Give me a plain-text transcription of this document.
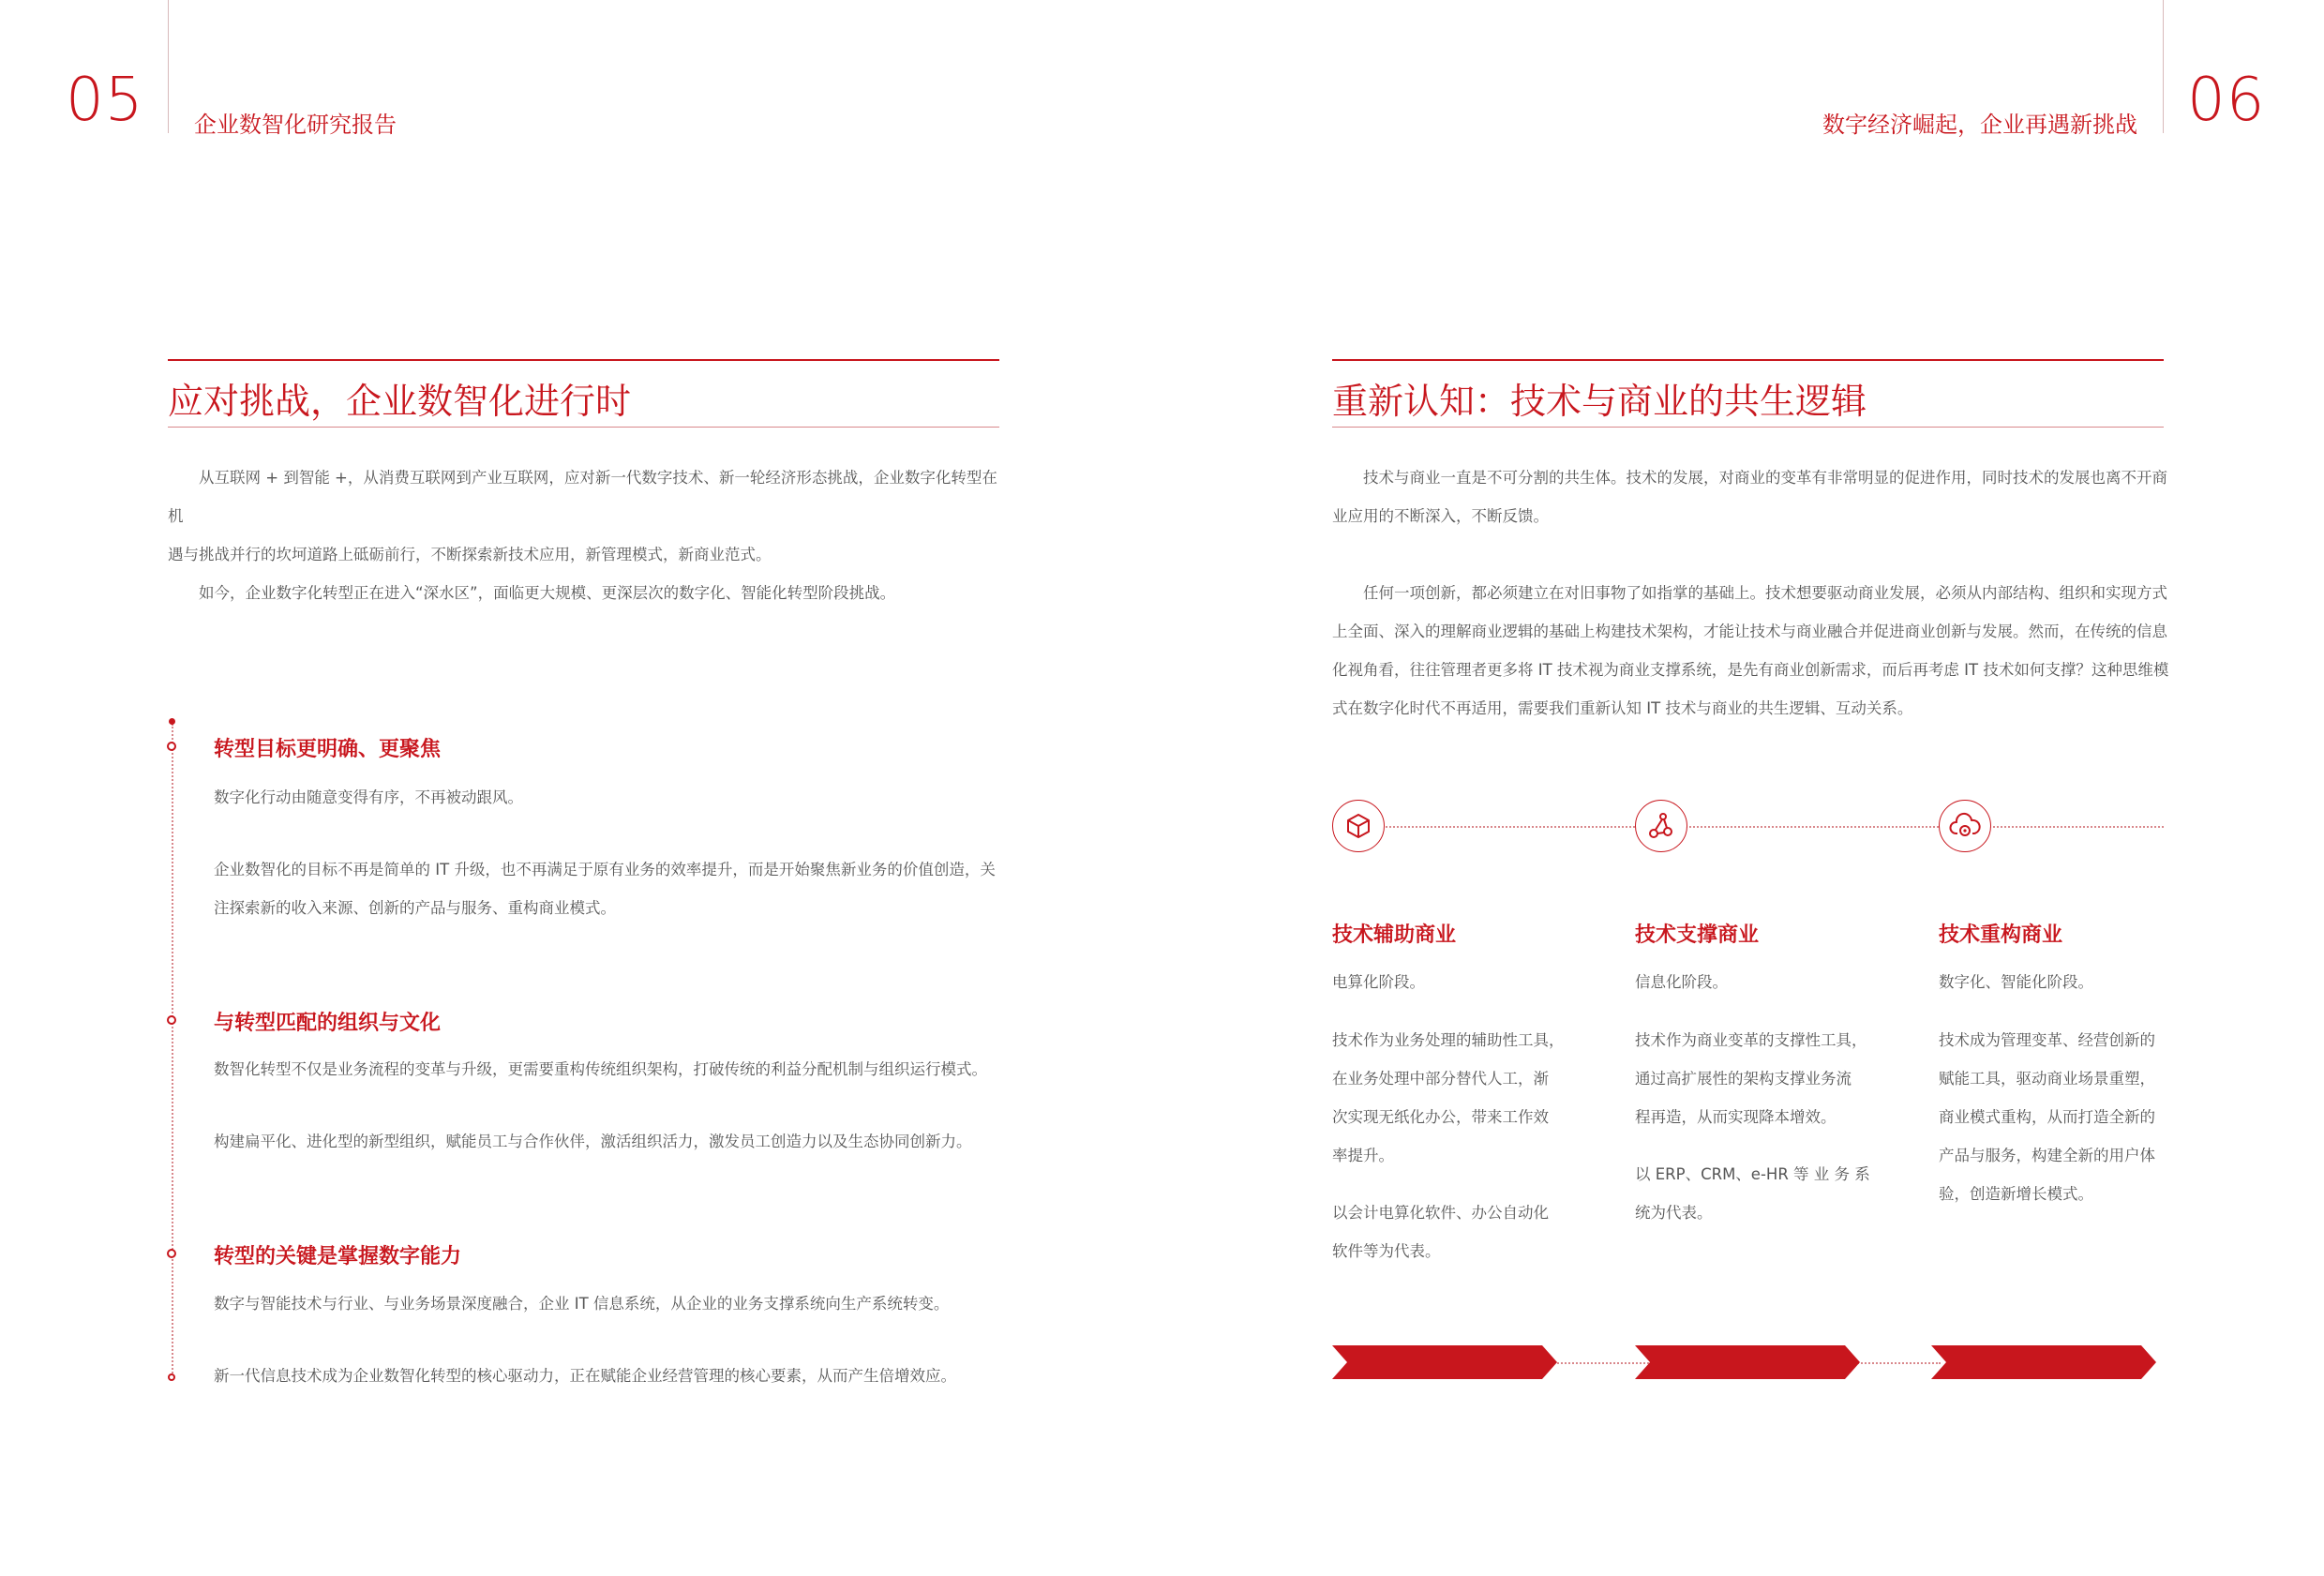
05 企业数智化研究报告	数字经济崛起，企业再遇新挑战 06
应对挑战，企业数智化进行时
从互联网 + 到智能 +，从消费互联网到产业互联网，应对新一代数字技术、新一轮经济形态挑战，企业数字化转型在机
遇与挑战并行的坎坷道路上砥砺前行，不断探索新技术应用，新管理模式，新商业范式。
如今，企业数字化转型正在进入“深水区”，面临更大规模、更深层次的数字化、智能化转型阶段挑战。
转型目标更明确、更聚焦
数字化行动由随意变得有序，不再被动跟风。
企业数智化的目标不再是简单的 IT 升级，也不再满足于原有业务的效率提升，而是开始聚焦新业务的价值创造，关
注探索新的收入来源、创新的产品与服务、重构商业模式。
与转型匹配的组织与文化
数智化转型不仅是业务流程的变革与升级，更需要重构传统组织架构，打破传统的利益分配机制与组织运行模式。
构建扁平化、进化型的新型组织，赋能员工与合作伙伴，激活组织活力，激发员工创造力以及生态协同创新力。
转型的关键是掌握数字能力
数字与智能技术与行业、与业务场景深度融合，企业 IT 信息系统，从企业的业务支撑系统向生产系统转变。
新一代信息技术成为企业数智化转型的核心驱动力，正在赋能企业经营管理的核心要素，从而产生倍增效应。
重新认知：技术与商业的共生逻辑
技术与商业一直是不可分割的共生体。技术的发展，对商业的变革有非常明显的促进作用，同时技术的发展也离不开商
业应用的不断深入，不断反馈。
任何一项创新，都必须建立在对旧事物了如指掌的基础上。技术想要驱动商业发展，必须从内部结构、组织和实现方式
上全面、深入的理解商业逻辑的基础上构建技术架构，才能让技术与商业融合并促进商业创新与发展。然而，在传统的信息
化视角看，往往管理者更多将 IT 技术视为商业支撑系统，是先有商业创新需求，而后再考虑 IT 技术如何支撑？这种思维模
式在数字化时代不再适用，需要我们重新认知 IT 技术与商业的共生逻辑、互动关系。
技术辅助商业
电算化阶段。
技术作为业务处理的辅助性工具，
在业务处理中部分替代人工，渐
次实现无纸化办公，带来工作效
率提升。
以会计电算化软件、办公自动化
软件等为代表。
技术支撑商业
信息化阶段。
技术作为商业变革的支撑性工具，
通过高扩展性的架构支撑业务流
程再造，从而实现降本增效。
以 ERP、CRM、e-HR 等 业 务 系
统为代表。
技术重构商业
数字化、智能化阶段。
技术成为管理变革、经营创新的
赋能工具，驱动商业场景重塑，
商业模式重构，从而打造全新的
产品与服务，构建全新的用户体
验，创造新增长模式。
